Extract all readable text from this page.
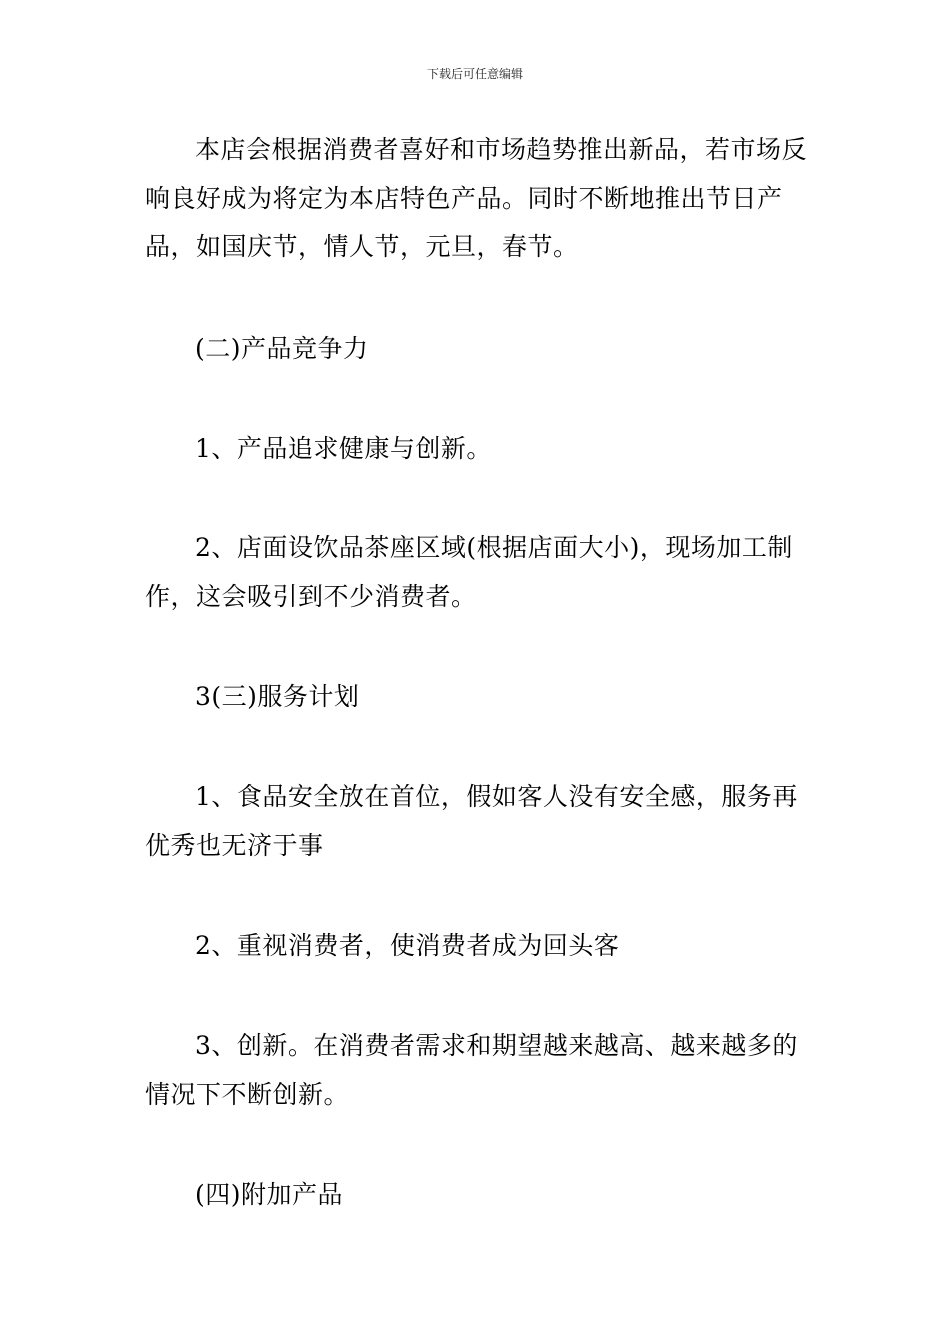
下载后可任意编辑

本店会根据消费者喜好和市场趋势推出新品，若市场反响良好成为将定为本店特色产品。同时不断地推出节日产品，如国庆节，情人节，元旦，春节。

(二)产品竞争力

1、产品追求健康与创新。

2、店面设饮品茶座区域(根据店面大小)，现场加工制作，这会吸引到不少消费者。

3(三)服务计划

1、食品安全放在首位，假如客人没有安全感，服务再优秀也无济于事

2、重视消费者，使消费者成为回头客

3、创新。在消费者需求和期望越来越高、越来越多的情况下不断创新。

(四)附加产品
